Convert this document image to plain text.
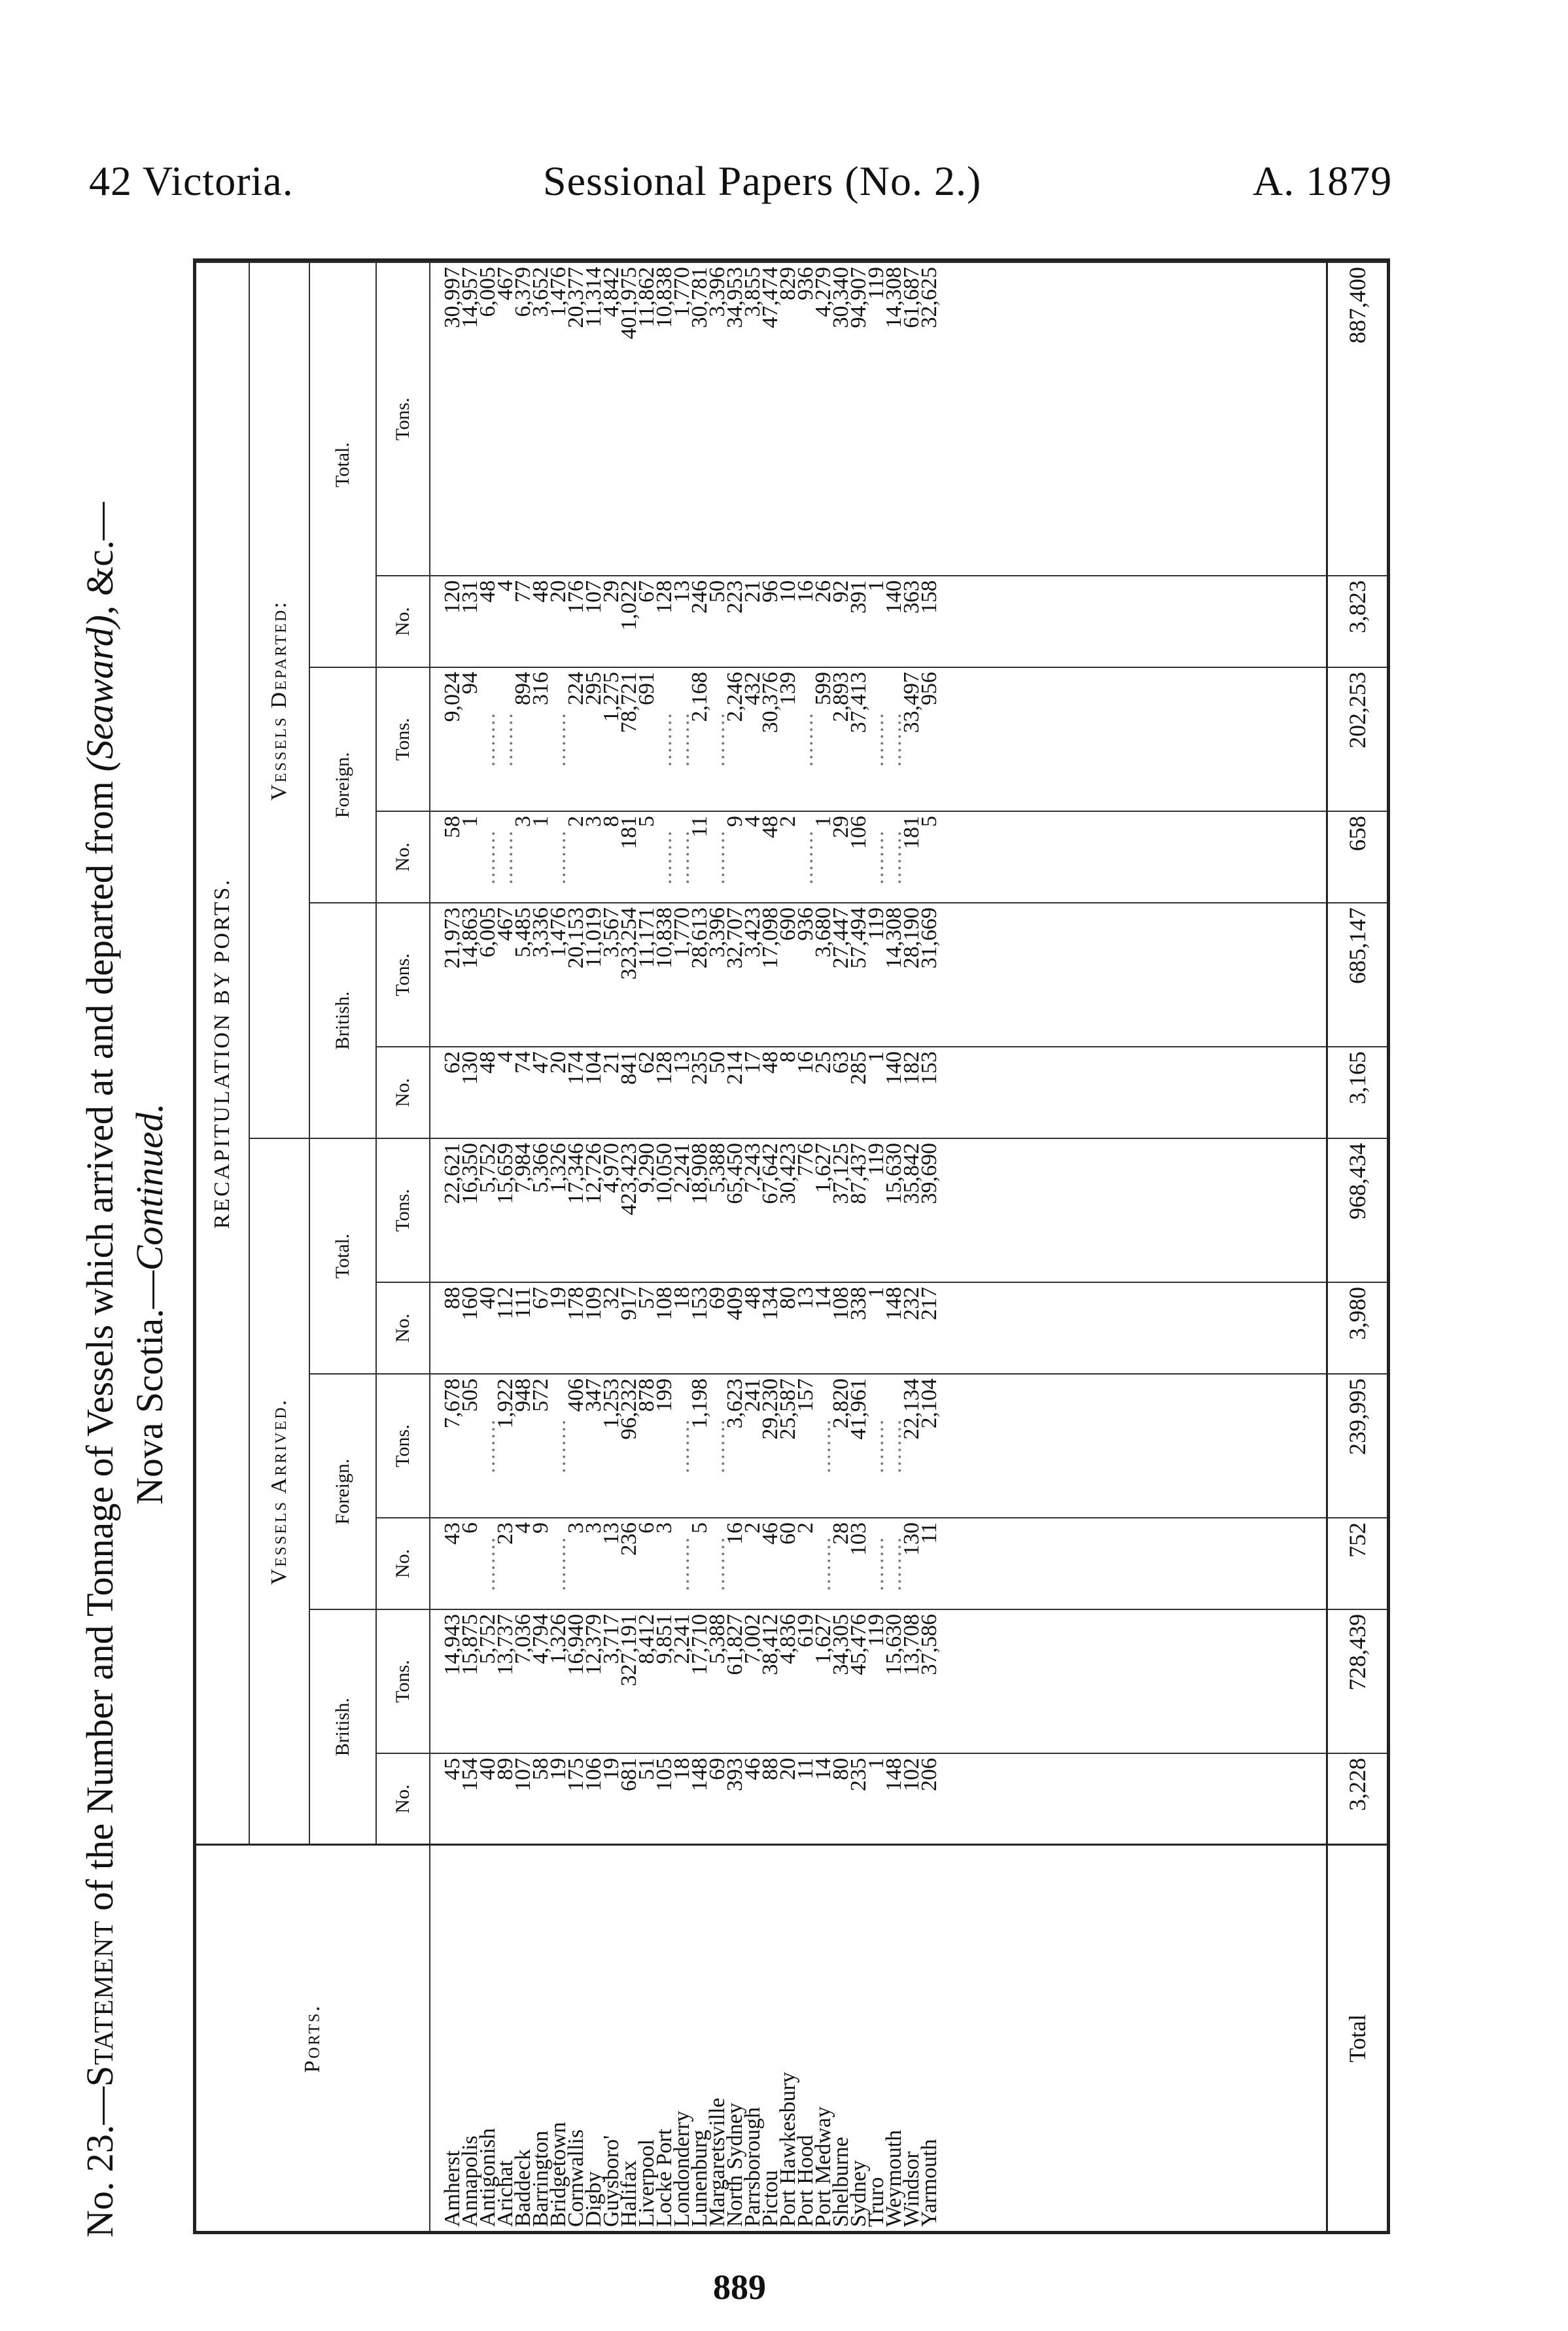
42 Victoria.	Sessional Papers (No. 2.)	A. 1879
No. 23.—Statement of the Number and Tonnage of Vessels which arrived at and departed from (Seaward), &c.—
Nova Scotia.—Continued.
Ports.	RECAPITULATION BY PORTS.											
	Vessels Arrived.						Vessels Departed:					
	British.		Foreign.		Total.		British.		Foreign.		Total.	
	No.	Tons.	No.	Tons.	No.	Tons.	No.	Tons.	No.	Tons.	No.	Tons.
Amherst	45	14,943	43	7,678	88	22,621	62	21,973	58	9,024	120	30,997
Annapolis	154	15,875	6	505	160	16,350	130	14,863	1	94	131	14,957
Antigonish	40	5,752	........	........	40	5,752	48	6,005	........	........	48	6,005
Arichat	89	13,737	23	1,922	112	15,659	4	467	........	........	4	467
Baddeck	107	7,036	4	948	111	7,984	74	5,485	3	894	77	6,379
Barrington	58	4,794	9	572	67	5,366	47	3,336	1	316	48	3,652
Bridgetown	19	1,326	........	........	19	1,326	20	1,476	........	........	20	1,476
Cornwallis	175	16,940	3	406	178	17,346	174	20,153	2	224	176	20,377
Digby	106	12,379	3	347	109	12,726	104	11,019	3	295	107	11,314
Guysboro'	19	3,717	13	1,253	32	4,970	21	3,567	8	1,275	29	4,842
Halifax	681	327,191	236	96,232	917	423,423	841	323,254	181	78,721	1,022	401,975
Liverpool	51	8,412	6	878	57	9,290	62	11,171	5	691	67	11,862
Locke Port	105	9,851	3	199	108	10,050	128	10,838	........	........	128	10,838
Londonderry	18	2,241	........	........	18	2,241	13	1,770	........	........	13	1,770
Lunenburg	148	17,710	5	1,198	153	18,908	235	28,613	11	2,168	246	30,781
Margaretsville	69	5,388	........	........	69	5,388	50	3,396	........	........	50	3,396
North Sydney	393	61,827	16	3,623	409	65,450	214	32,707	9	2,246	223	34,953
Parrsborough	46	7,002	2	241	48	7,243	17	3,423	4	432	21	3,855
Pictou	88	38,412	46	29,230	134	67,642	48	17,098	48	30,376	96	47,474
Port Hawkesbury	20	4,836	60	25,587	80	30,423	8	690	2	139	10	829
Port Hood	11	619	2	157	13	776	16	936	........	........	16	936
Port Medway	14	1,627	........	........	14	1,627	25	3,680	1	599	26	4,279
Shelburne	80	34,305	28	2,820	108	37,125	63	27,447	29	2,893	92	30,340
Sydney	235	45,476	103	41,961	338	87,437	285	57,494	106	37,413	391	94,907
Truro	1	119	........	........	1	119	1	119	........	........	1	119
Weymouth	148	15,630	........	........	148	15,630	140	14,308	........	........	140	14,308
Windsor	102	13,708	130	22,134	232	35,842	182	28,190	181	33,497	363	61,687
Yarmouth	206	37,586	11	2,104	217	39,690	153	31,669	5	956	158	32,625

Total	3,228	728,439	752	239,995	3,980	968,434	3,165	685,147	658	202,253	3,823	887,400
889
